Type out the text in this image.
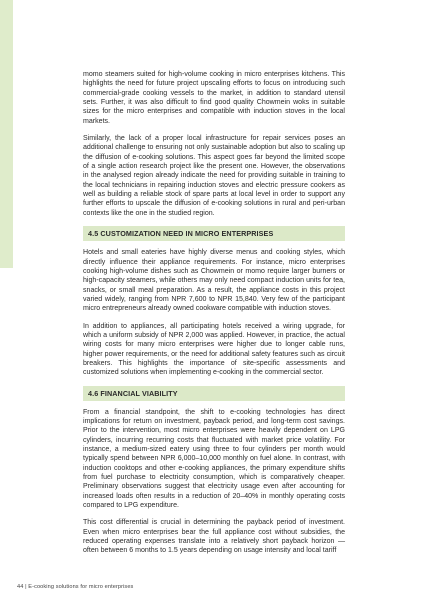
momo steamers suited for high-volume cooking in micro enterprises kitchens. This highlights the need for future project upscaling efforts to focus on introducing such commercial-grade cooking vessels to the market, in addition to standard utensil sets. Further, it was also difficult to find good quality Chowmein woks in suitable sizes for the micro enterprises and compatible with induction stoves in the local markets.

Similarly, the lack of a proper local infrastructure for repair services poses an additional challenge to ensuring not only sustainable adoption but also to scaling up the diffusion of e-cooking solutions. This aspect goes far beyond the limited scope of a single action research project like the present one. However, the observations in the analysed region already indicate the need for providing suitable in training to the local technicians in repairing induction stoves and electric pressure cookers as well as building a reliable stock of spare parts at local level in order to support any further efforts to upscale the diffusion of e-cooking solutions in rural and peri-urban contexts like the one in the studied region.

4.5 CUSTOMIZATION NEED IN MICRO ENTERPRISES

Hotels and small eateries have highly diverse menus and cooking styles, which directly influence their appliance requirements. For instance, micro enterprises cooking high-volume dishes such as Chowmein or momo require larger burners or high-capacity steamers, while others may only need compact induction units for tea, snacks, or small meal preparation. As a result, the appliance costs in this project varied widely, ranging from NPR 7,600 to NPR 15,840. Very few of the participant micro entrepreneurs already owned cookware compatible with induction stoves.

In addition to appliances, all participating hotels received a wiring upgrade, for which a uniform subsidy of NPR 2,000 was applied. However, in practice, the actual wiring costs for many micro enterprises were higher due to longer cable runs, higher power requirements, or the need for additional safety features such as circuit breakers. This highlights the importance of site-specific assessments and customized solutions when implementing e-cooking in the commercial sector.

4.6 FINANCIAL VIABILITY

From a financial standpoint, the shift to e-cooking technologies has direct implications for return on investment, payback period, and long-term cost savings. Prior to the intervention, most micro enterprises were heavily dependent on LPG cylinders, incurring recurring costs that fluctuated with market price volatility. For instance, a medium-sized eatery using three to four cylinders per month would typically spend between NPR 6,000–10,000 monthly on fuel alone. In contrast, with induction cooktops and other e-cooking appliances, the primary expenditure shifts from fuel purchase to electricity consumption, which is comparatively cheaper. Preliminary observations suggest that electricity usage even after accounting for increased loads often results in a reduction of 20–40% in monthly operating costs compared to LPG expenditure.

This cost differential is crucial in determining the payback period of investment. Even when micro enterprises bear the full appliance cost without subsidies, the reduced operating expenses translate into a relatively short payback horizon — often between 6 months to 1.5 years depending on usage intensity and local tariff

44 | E-cooking solutions for micro enterprises
